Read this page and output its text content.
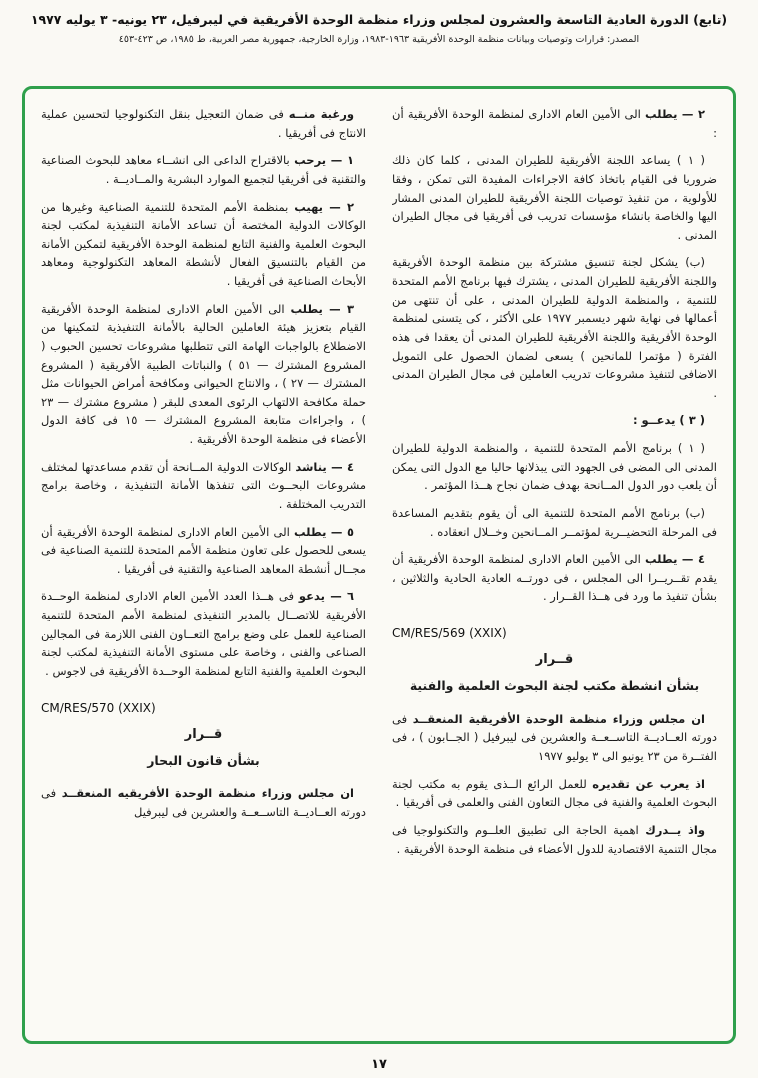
(تابع) الدورة العادية التاسعة والعشرون لمجلس وزراء منظمة الوحدة الأفريقية في ليبرفيل، ٢٣ يونيه- ٣ يوليه ١٩٧٧
المصدر: قرارات وتوصيات وبيانات منظمة الوحدة الأفريقية ١٩٦٣-١٩٨٣، وزارة الخارجية، جمهورية مصر العربية، ط ١٩٨٥، ص ٤٢٣-٤٥٣

٢ — يطلب الى الأمين العام الادارى لمنظمة الوحدة الأفريقية أن :

( ١ ) يساعد اللجنة الأفريقية للطيران المدنى ، كلما كان ذلك ضروريا فى القيام باتخاذ كافة الاجراءات المفيدة التى تمكن ، وفقا للأولوية ، من تنفيذ توصيات اللجنة الأفريقية للطيران المدنى المشار اليها والخاصة بانشاء مؤسسات تدريب فى أفريقيا فى مجال الطيران المدنى .

(ب) يشكل لجنة تنسيق مشتركة بين منظمة الوحدة الأفريقية واللجنة الأفريقية للطيران المدنى ، يشترك فيها برنامج الأمم المتحدة للتنمية ، والمنظمة الدولية للطيران المدنى ، على أن تنتهى من أعمالها فى نهاية شهر ديسمبر ١٩٧٧ على الأكثر ، كى يتسنى لمنظمة الوحدة الأفريقية واللجنة الأفريقية للطيران المدنى أن يعقدا فى هذه الفترة ( مؤتمرا للمانحين ) يسعى لضمان الحصول على التمويل الاضافى لتنفيذ مشروعات تدريب العاملين فى مجال الطيران المدنى .

( ٣ ) يدعــو :

( ١ ) برنامج الأمم المتحدة للتنمية ، والمنظمة الدولية للطيران المدنى الى المضى فى الجهود التى يبذلانها حاليا مع الدول التى يمكن أن يلعب دور الدول المــانحة بهدف ضمان نجاح هــذا المؤتمر .

(ب) برنامج الأمم المتحدة للتنمية الى أن يقوم بتقديم المساعدة فى المرحلة التحضيــرية لمؤتمــر المــانحين وخــلال انعقاده .

٤ — يطلب الى الأمين العام الادارى لمنظمة الوحدة الأفريقية أن يقدم تقــريــرا الى المجلس ، فى دورتــه العادية الحادية والثلاثين ، بشأن تنفيذ ما ورد فى هــذا القــرار .

CM/RES/569 (XXIX)

قــرار
بشأن انشطة مكتب لجنة البحوث العلمية والفنية

ان مجلس وزراء منظمة الوحدة الأفريقية المنعقــد فى دورته العــاديــة التاســعــة والعشرين فى ليبرفيل ( الجــابون ) ، فى الفتــرة من ٢٣ يونيو الى ٣ يوليو ١٩٧٧

اذ يعرب عن تقديره للعمل الرائع الــذى يقوم به مكتب لجنة البحوث العلمية والفنية فى مجال التعاون الفنى والعلمى فى أفريقيا .

واذ يــدرك اهمية الحاجة الى تطبيق العلــوم والتكنولوجيا فى مجال التنمية الاقتصادية للدول الأعضاء فى منظمة الوحدة الأفريقية .

ورغبة منــه فى ضمان التعجيل بنقل التكنولوجيا لتحسين عملية الانتاج فى أفريقيا .

١ — يرحب بالاقتراح الداعى الى انشــاء معاهد للبحوث الصناعية والتقنية فى أفريقيا لتجميع الموارد البشرية والمــاديــة .

٢ — يهيب بمنظمة الأمم المتحدة للتنمية الصناعية وغيرها من الوكالات الدولية المختصة أن تساعد الأمانة التنفيذية لمكتب لجنة البحوث العلمية والفنية التابع لمنظمة الوحدة الأفريقية لتمكين الأمانة من القيام بالتنسيق الفعال لأنشطة المعاهد التكنولوجية ومعاهد الأبحاث الصناعية فى أفريقيا .

٣ — يطلب الى الأمين العام الادارى لمنظمة الوحدة الأفريقية القيام بتعزيز هيئة العاملين الحالية بالأمانة التنفيذية لتمكينها من الاضطلاع بالواجبات الهامة التى تتطلبها مشروعات تحسين الحبوب ( المشروع المشترك — ٥١ ) والنباتات الطبية الأفريقية ( المشروع المشترك — ٢٧ ) ، والانتاج الحيوانى ومكافحة أمراض الحيوانات مثل حملة مكافحة الالتهاب الرئوى المعدى للبقر ( مشروع مشترك — ٢٣ ) ، واجراءات متابعة المشروع المشترك — ١٥ فى كافة الدول الأعضاء فى منظمة الوحدة الأفريقية .

٤ — يناشد الوكالات الدولية المــانحة أن تقدم مساعدتها لمختلف مشروعات البحــوث التى تنفذها الأمانة التنفيذية ، وخاصة برامج التدريب المختلفة .

٥ — يطلب الى الأمين العام الادارى لمنظمة الوحدة الأفريقية أن يسعى للحصول على تعاون منظمة الأمم المتحدة للتنمية الصناعية فى مجــال أنشطة المعاهد الصناعية والتقنية فى أفريقيا .

٦ — يدعو فى هــذا العدد الأمين العام الادارى لمنظمة الوحــدة الأفريقية للاتصــال بالمدير التنفيذى لمنظمة الأمم المتحدة للتنمية الصناعية للعمل على وضع برامج التعــاون الفنى اللازمة فى المجالين الصناعى والفنى ، وخاصة على مستوى الأمانة التنفيذية لمكتب لجنة البحوث العلمية والفنية التابع لمنظمة الوحــدة الأفريقية فى لاجوس .

CM/RES/570 (XXIX)

قــرار
بشأن قانون البحار

ان مجلس وزراء منظمة الوحدة الأفريقيه المنعقــد فى دورته العــاديــة التاســعــة والعشرين فى ليبرفيل

١٧
